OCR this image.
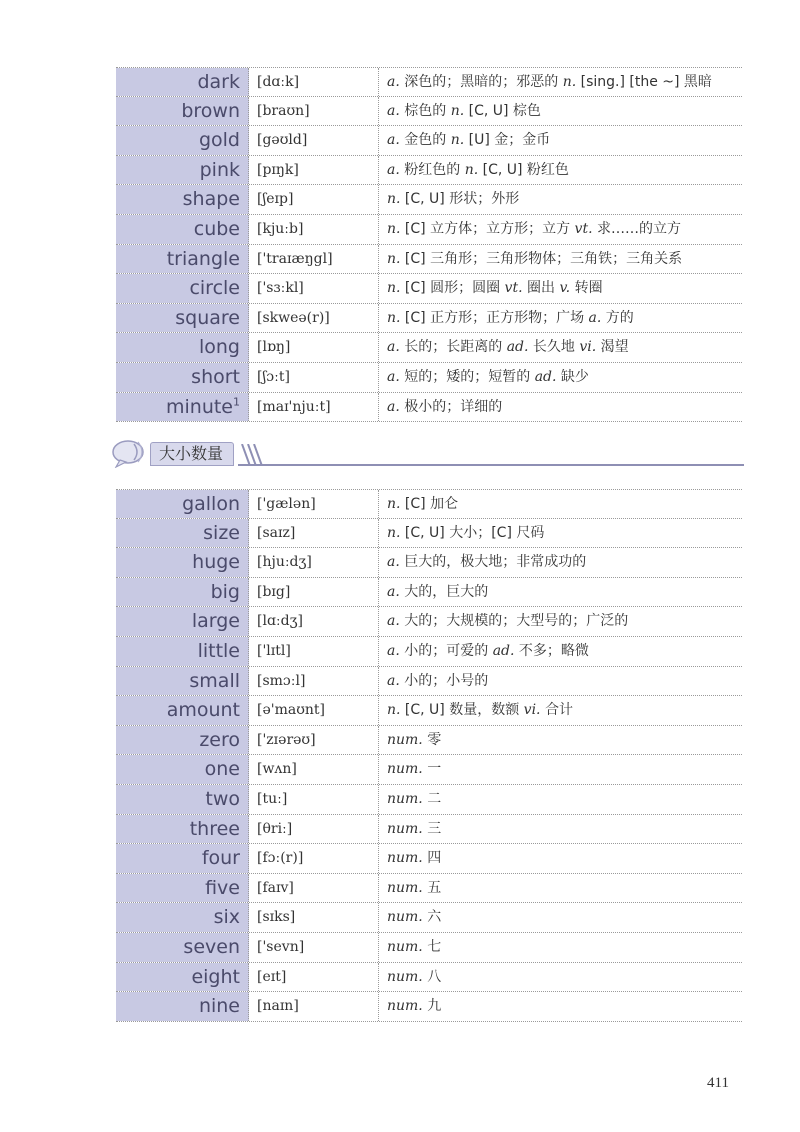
dark	[dɑːk]	a. 深色的；黑暗的；邪恶的 n. [sing.] [the ~] 黑暗
brown	[braʊn]	a. 棕色的 n. [C, U] 棕色
gold	[gəʊld]	a. 金色的 n. [U] 金；金币
pink	[pɪŋk]	a. 粉红色的 n. [C, U] 粉红色
shape	[ʃeɪp]	n. [C, U] 形状；外形
cube	[kjuːb]	n. [C] 立方体；立方形；立方 vt. 求……的立方
triangle	['traɪæŋgl]	n. [C] 三角形；三角形物体；三角铁；三角关系
circle	['sɜːkl]	n. [C] 圆形；圆圈 vt. 圈出 v. 转圈
square	[skweə(r)]	n. [C] 正方形；正方形物；广场 a. 方的
long	[lɒŋ]	a. 长的；长距离的 ad. 长久地 vi. 渴望
short	[ʃɔːt]	a. 短的；矮的；短暂的 ad. 缺少
minute$^1$	[maɪ'njuːt]	a. 极小的；详细的
大小数量
gallon	['gælən]	n. [C] 加仑
size	[saɪz]	n. [C, U] 大小；[C] 尺码
huge	[hjuːdʒ]	a. 巨大的，极大地；非常成功的
big	[bɪg]	a. 大的，巨大的
large	[lɑːdʒ]	a. 大的；大规模的；大型号的；广泛的
little	['lɪtl]	a. 小的；可爱的 ad. 不多；略微
small	[smɔːl]	a. 小的；小号的
amount	[ə'maʊnt]	n. [C, U] 数量，数额 vi. 合计
zero	['zɪərəʊ]	num. 零
one	[wʌn]	num. 一
two	[tuː]	num. 二
three	[θriː]	num. 三
four	[fɔː(r)]	num. 四
five	[faɪv]	num. 五
six	[sɪks]	num. 六
seven	['sevn]	num. 七
eight	[eɪt]	num. 八
nine	[naɪn]	num. 九
411
